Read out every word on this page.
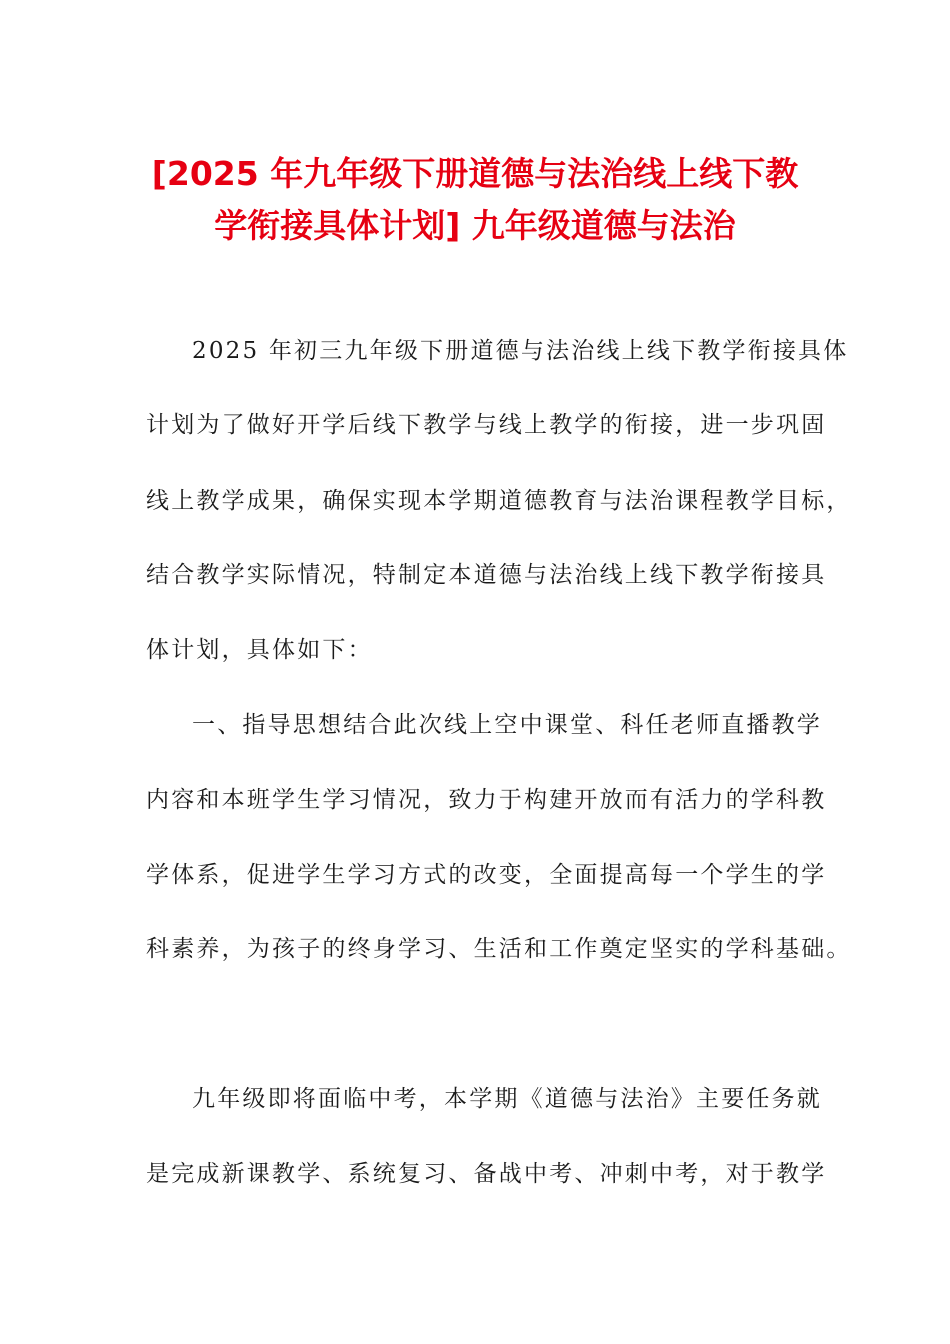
[2025 年九年级下册道德与法治线上线下教
学衔接具体计划] 九年级道德与法治
2025 年初三九年级下册道德与法治线上线下教学衔接具体
计划为了做好开学后线下教学与线上教学的衔接，进一步巩固
线上教学成果，确保实现本学期道德教育与法治课程教学目标，
结合教学实际情况，特制定本道德与法治线上线下教学衔接具
体计划，具体如下：
一、指导思想结合此次线上空中课堂、科任老师直播教学
内容和本班学生学习情况，致力于构建开放而有活力的学科教
学体系，促进学生学习方式的改变，全面提高每一个学生的学
科素养，为孩子的终身学习、生活和工作奠定坚实的学科基础。
九年级即将面临中考，本学期《道德与法治》主要任务就
是完成新课教学、系统复习、备战中考、冲刺中考，对于教学
